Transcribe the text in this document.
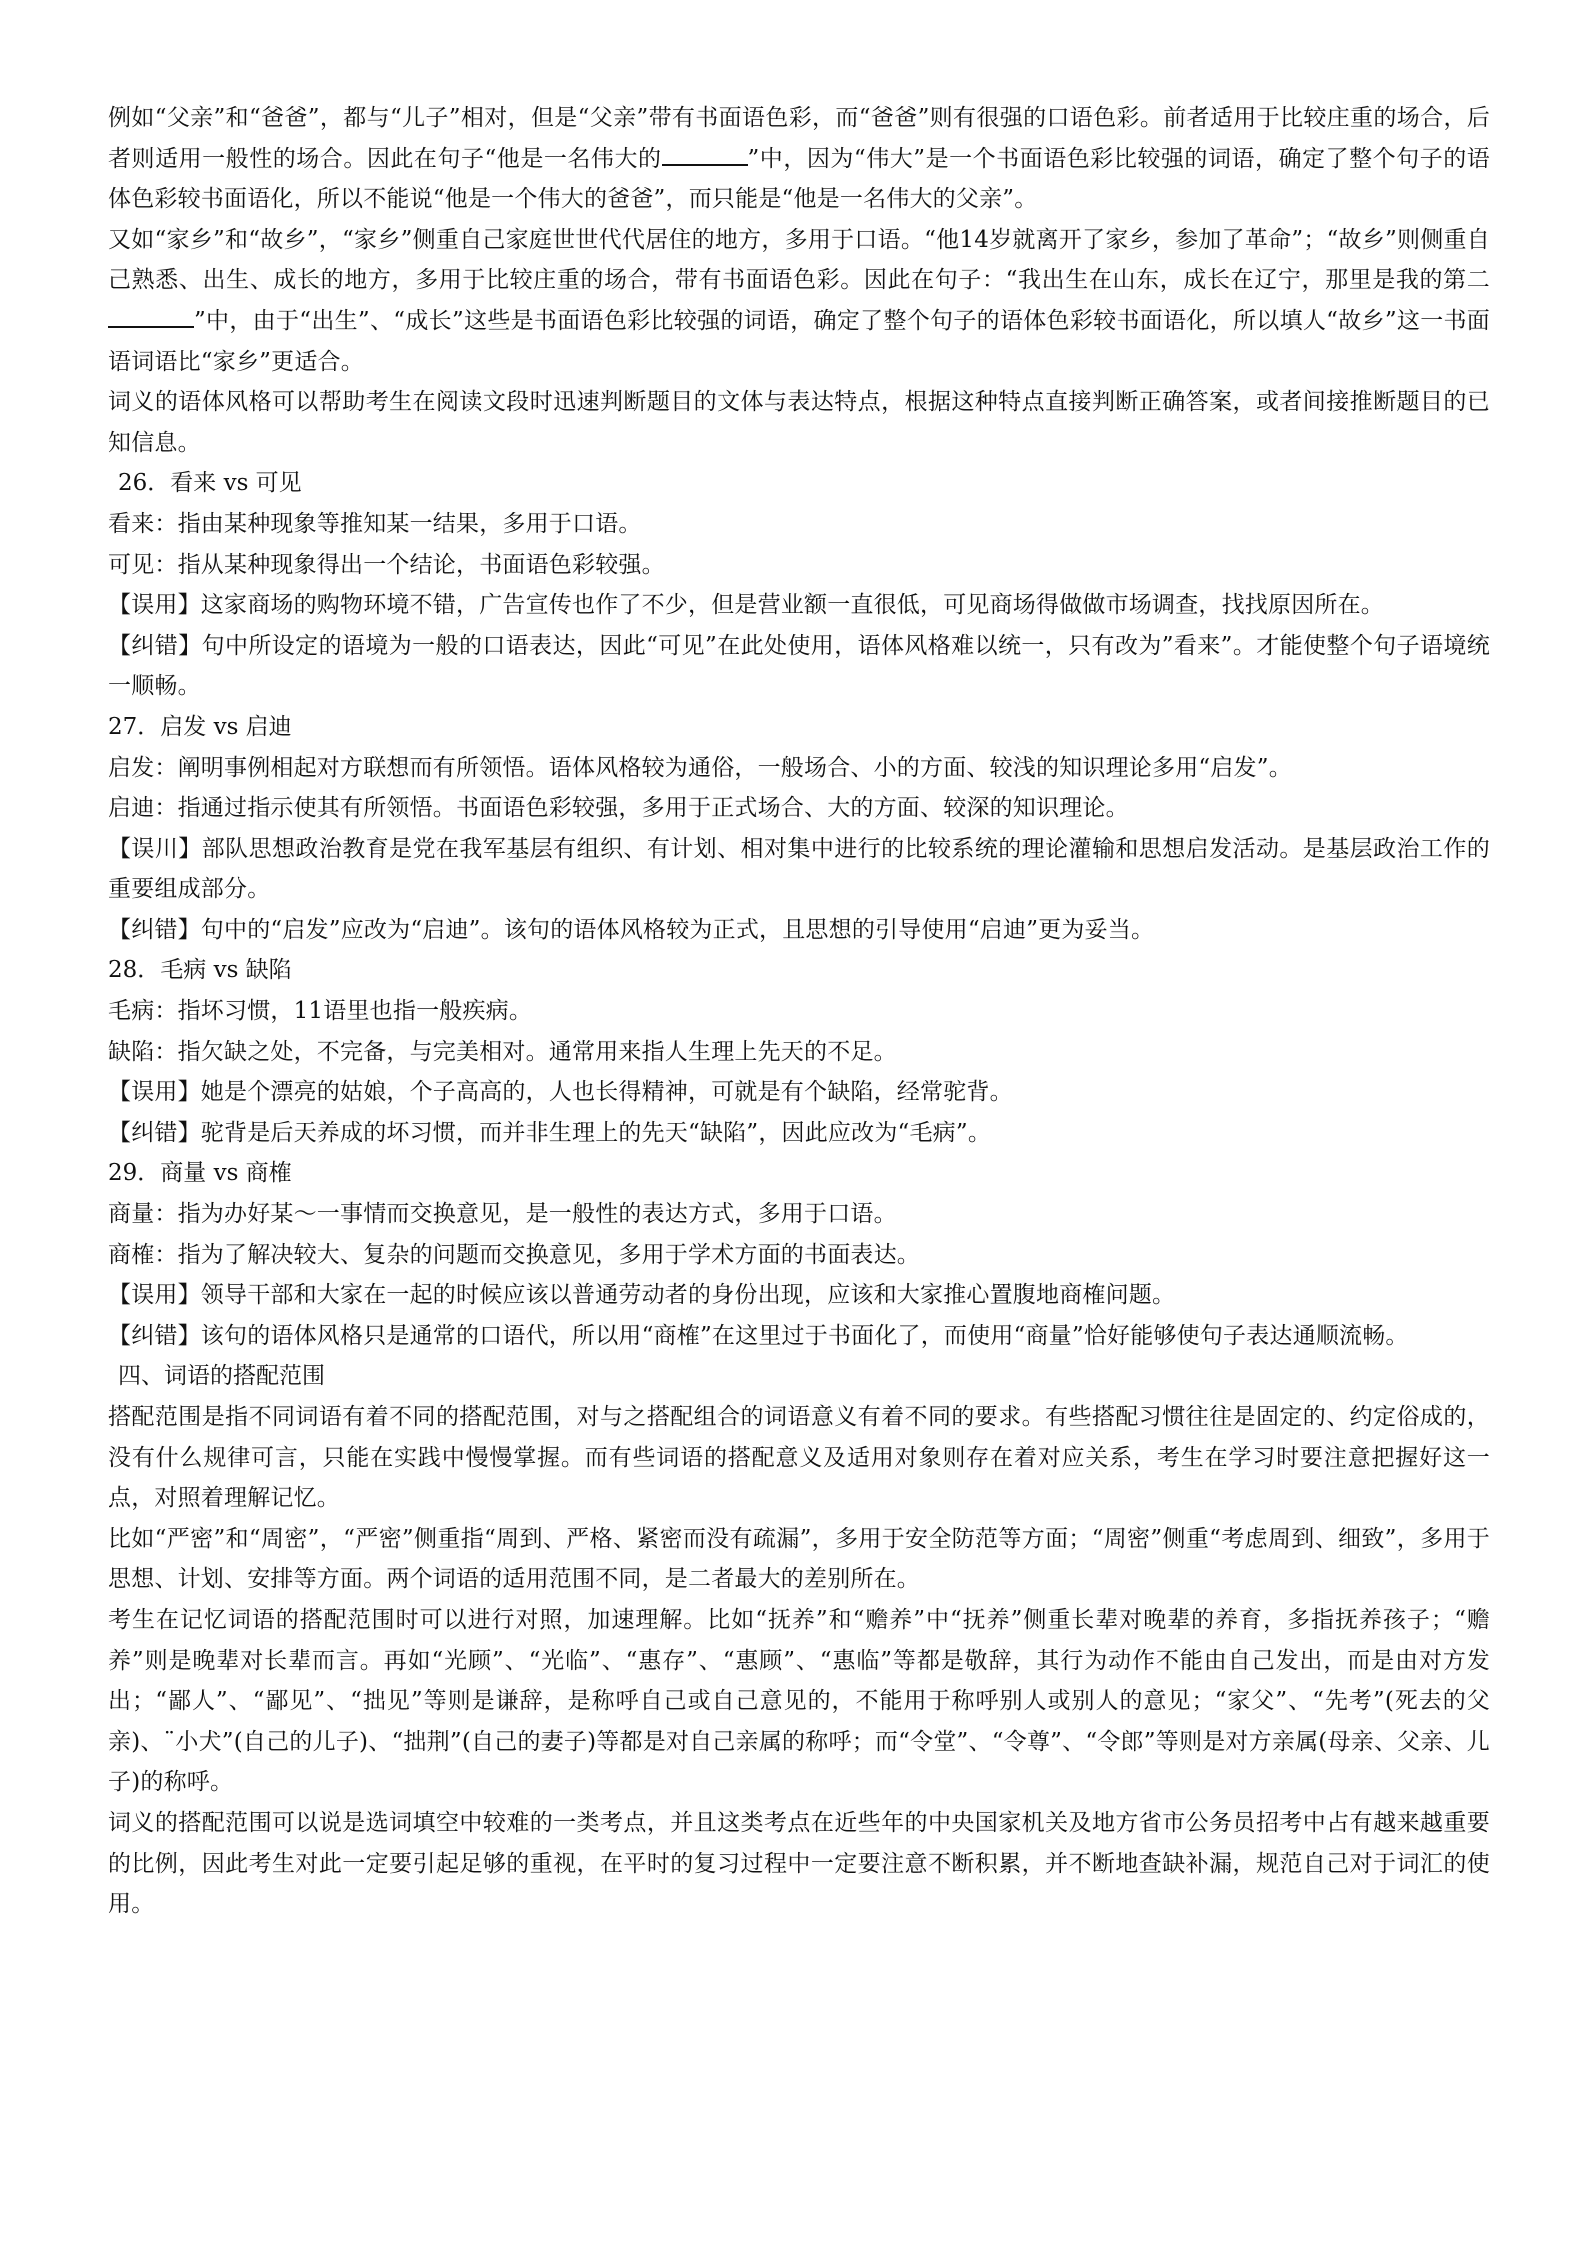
例如“父亲”和“爸爸”，都与“儿子”相对，但是“父亲”带有书面语色彩，而“爸爸”则有很强的口语色彩。前者适用于比较庄重的场合，后者则适用一般性的场合。因此在句子“他是一名伟大的	”中，因为“伟大”是一个书面语色彩比较强的词语，确定了整个句子的语体色彩较书面语化，所以不能说“他是一个伟大的爸爸”，而只能是“他是一名伟大的父亲”。

又如“家乡”和“故乡”，“家乡”侧重自己家庭世世代代居住的地方，多用于口语。“他14岁就离开了家乡，参加了革命”；“故乡”则侧重自己熟悉、出生、成长的地方，多用于比较庄重的场合，带有书面语色彩。因此在句子：“我出生在山东，成长在辽宁，那里是我的第二”中，由于“出生”、“成长”这些是书面语色彩比较强的词语，确定了整个句子的语体色彩较书面语化，所以填人“故乡”这一书面语词语比“家乡”更适合。

词义的语体风格可以帮助考生在阅读文段时迅速判断题目的文体与表达特点，根据这种特点直接判断正确答案，或者间接推断题目的已知信息。

26．看来 vs 可见

看来：指由某种现象等推知某一结果，多用于口语。

可见：指从某种现象得出一个结论，书面语色彩较强。

【误用】这家商场的购物环境不错，广告宣传也作了不少，但是营业额一直很低，可见商场得做做市场调查，找找原因所在。

【纠错】句中所设定的语境为一般的口语表达，因此“可见”在此处使用，语体风格难以统一，只有改为”看来”。才能使整个句子语境统一顺畅。

27．启发 vs 启迪

启发：阐明事例相起对方联想而有所领悟。语体风格较为通俗，一般场合、小的方面、较浅的知识理论多用“启发”。

启迪：指通过指示使其有所领悟。书面语色彩较强，多用于正式场合、大的方面、较深的知识理论。

【误川】部队思想政治教育是党在我军基层有组织、有计划、相对集中进行的比较系统的理论灌输和思想启发活动。是基层政治工作的重要组成部分。

【纠错】句中的“启发”应改为“启迪”。该句的语体风格较为正式，且思想的引导使用“启迪”更为妥当。

28．毛病 vs 缺陷

毛病：指坏习惯，11语里也指一般疾病。

缺陷：指欠缺之处，不完备，与完美相对。通常用来指人生理上先天的不足。

【误用】她是个漂亮的姑娘，个子高高的，人也长得精神，可就是有个缺陷，经常驼背。

【纠错】驼背是后天养成的坏习惯，而并非生理上的先天“缺陷”，因此应改为“毛病”。

29．商量 vs 商榷

商量：指为办好某～一事情而交换意见，是一般性的表达方式，多用于口语。

商榷：指为了解决较大、复杂的问题而交换意见，多用于学术方面的书面表达。

【误用】领导干部和大家在一起的时候应该以普通劳动者的身份出现，应该和大家推心置腹地商榷问题。

【纠错】该句的语体风格只是通常的口语代，所以用“商榷”在这里过于书面化了，而使用“商量”恰好能够使句子表达通顺流畅。

四、词语的搭配范围

搭配范围是指不同词语有着不同的搭配范围，对与之搭配组合的词语意义有着不同的要求。有些搭配习惯往往是固定的、约定俗成的，没有什么规律可言，只能在实践中慢慢掌握。而有些词语的搭配意义及适用对象则存在着对应关系，考生在学习时要注意把握好这一点，对照着理解记忆。

比如“严密”和“周密”，“严密”侧重指“周到、严格、紧密而没有疏漏”，多用于安全防范等方面；“周密”侧重“考虑周到、细致”，多用于思想、计划、安排等方面。两个词语的适用范围不同，是二者最大的差别所在。

考生在记忆词语的搭配范围时可以进行对照，加速理解。比如“抚养”和“赡养”中“抚养”侧重长辈对晚辈的养育，多指抚养孩子；“赡养”则是晚辈对长辈而言。再如“光顾”、“光临”、“惠存”、“惠顾”、“惠临”等都是敬辞，其行为动作不能由自己发出，而是由对方发出；“鄙人”、“鄙见”、“拙见”等则是谦辞，是称呼自己或自己意见的，不能用于称呼别人或别人的意见；“家父”、“先考”(死去的父亲)、¨小犬”(自己的儿子)、“拙荆”(自己的妻子)等都是对自己亲属的称呼；而“令堂”、“令尊”、“令郎”等则是对方亲属(母亲、父亲、儿子)的称呼。

词义的搭配范围可以说是选词填空中较难的一类考点，并且这类考点在近些年的中央国家机关及地方省市公务员招考中占有越来越重要的比例，因此考生对此一定要引起足够的重视，在平时的复习过程中一定要注意不断积累，并不断地查缺补漏，规范自己对于词汇的使用。
